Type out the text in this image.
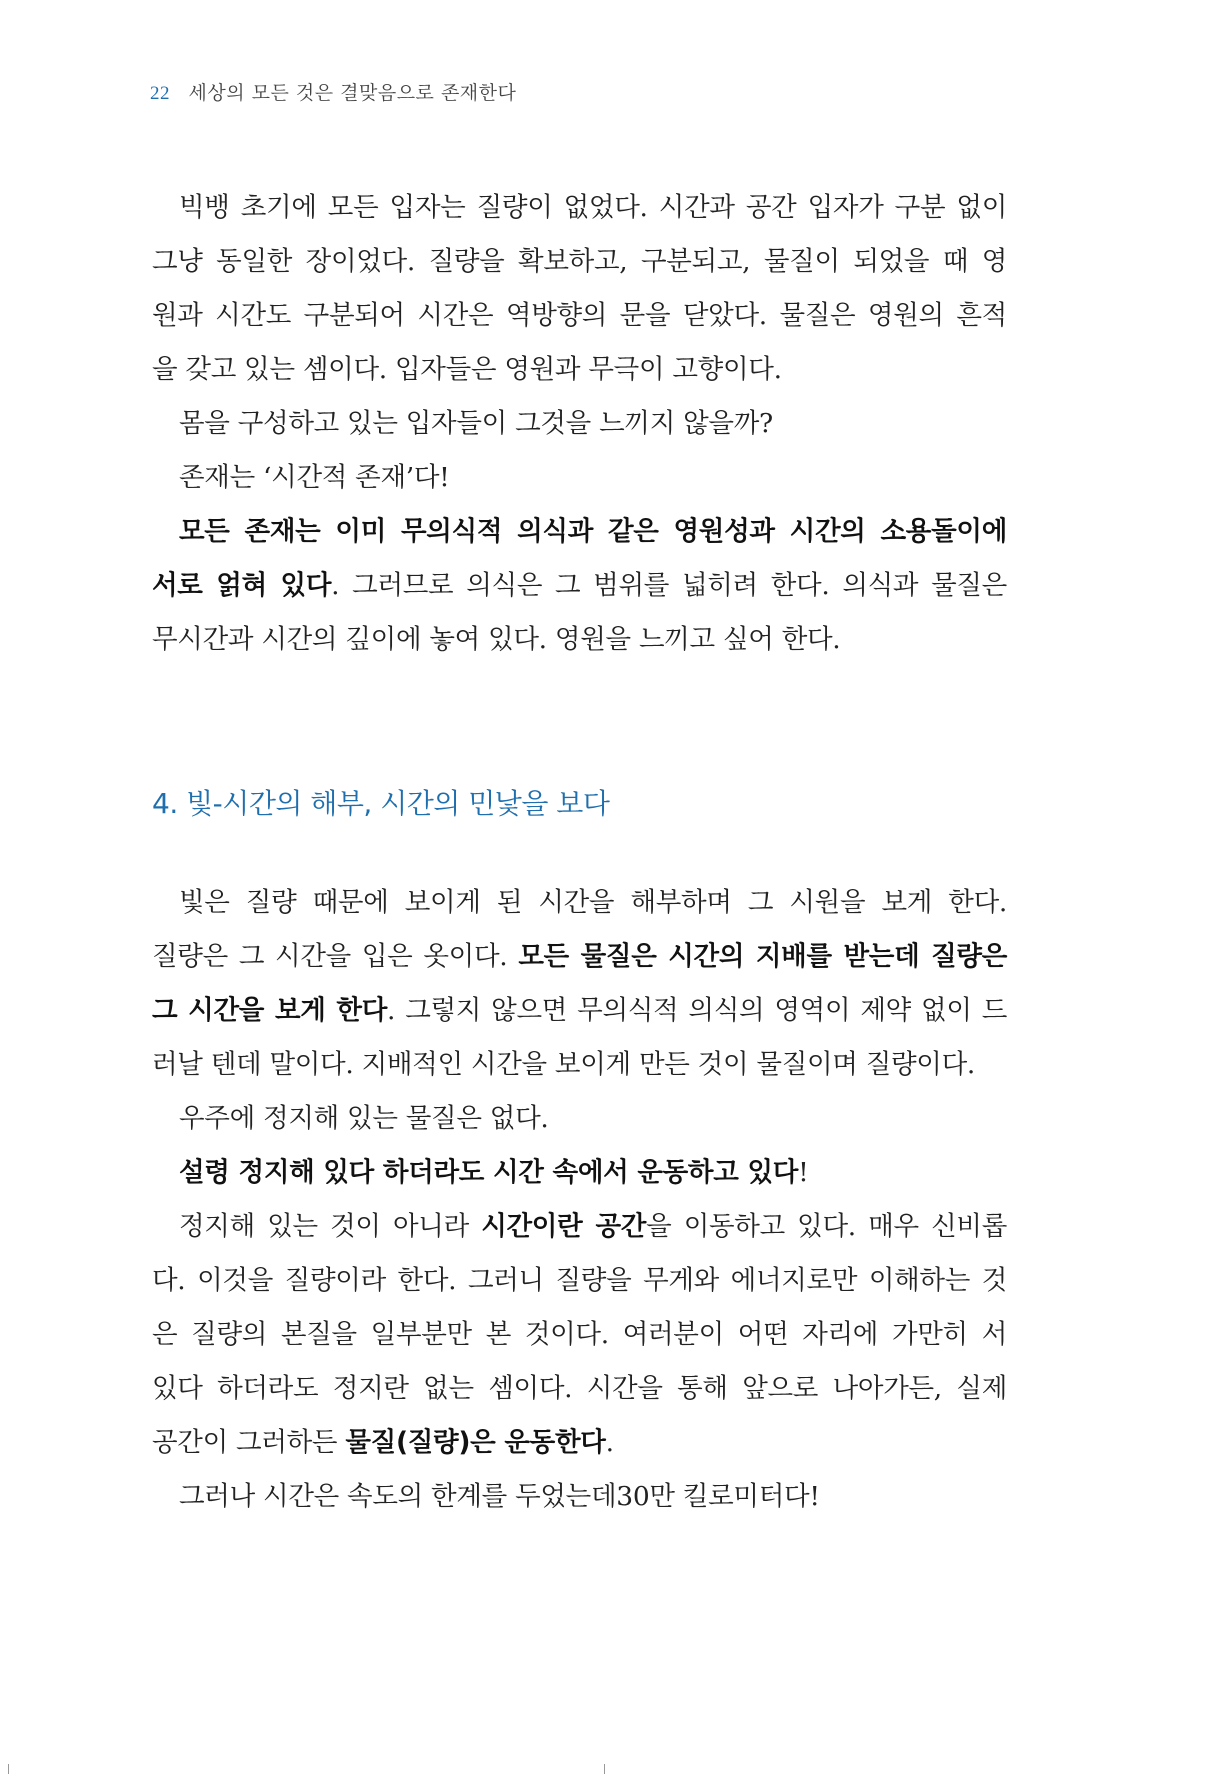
22 세상의 모든 것은 결맞음으로 존재한다
빅뱅 초기에 모든 입자는 질량이 없었다. 시간과 공간 입자가 구분 없이
그냥 동일한 장이었다. 질량을 확보하고, 구분되고, 물질이 되었을 때 영
원과 시간도 구분되어 시간은 역방향의 문을 닫았다. 물질은 영원의 흔적
을 갖고 있는 셈이다. 입자들은 영원과 무극이 고향이다.
몸을 구성하고 있는 입자들이 그것을 느끼지 않을까?
존재는 ‘시간적 존재’다!
모든 존재는 이미 무의식적 의식과 같은 영원성과 시간의 소용돌이에
서로 얽혀 있다. 그러므로 의식은 그 범위를 넓히려 한다. 의식과 물질은
무시간과 시간의 깊이에 놓여 있다. 영원을 느끼고 싶어 한다.
4. 빛-시간의 해부, 시간의 민낯을 보다
빛은 질량 때문에 보이게 된 시간을 해부하며 그 시원을 보게 한다.
질량은 그 시간을 입은 옷이다. 모든 물질은 시간의 지배를 받는데 질량은
그 시간을 보게 한다. 그렇지 않으면 무의식적 의식의 영역이 제약 없이 드
러날 텐데 말이다. 지배적인 시간을 보이게 만든 것이 물질이며 질량이다.
우주에 정지해 있는 물질은 없다.
설령 정지해 있다 하더라도 시간 속에서 운동하고 있다!
정지해 있는 것이 아니라 시간이란 공간을 이동하고 있다. 매우 신비롭
다. 이것을 질량이라 한다. 그러니 질량을 무게와 에너지로만 이해하는 것
은 질량의 본질을 일부분만 본 것이다. 여러분이 어떤 자리에 가만히 서
있다 하더라도 정지란 없는 셈이다. 시간을 통해 앞으로 나아가든, 실제
공간이 그러하든 물질(질량)은 운동한다.
그러나 시간은 속도의 한계를 두었는데30만 킬로미터다!
